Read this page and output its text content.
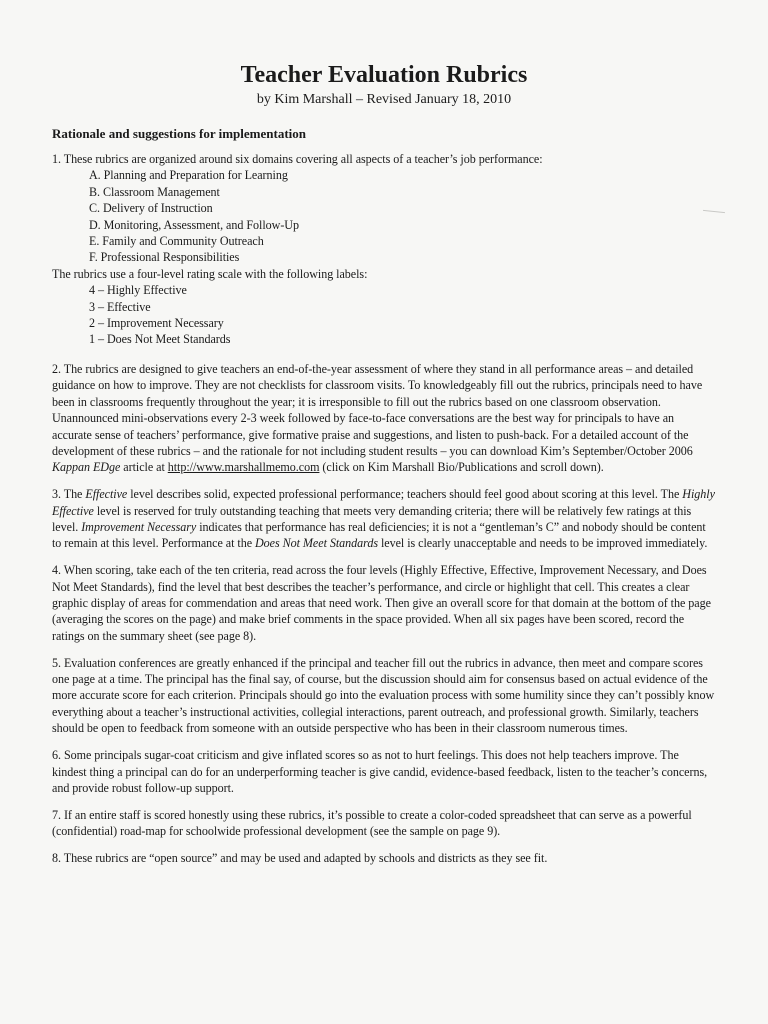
Teacher Evaluation Rubrics
by Kim Marshall – Revised January 18, 2010
Rationale and suggestions for implementation
1. These rubrics are organized around six domains covering all aspects of a teacher’s job performance:
A. Planning and Preparation for Learning
B. Classroom Management
C. Delivery of Instruction
D. Monitoring, Assessment, and Follow-Up
E. Family and Community Outreach
F. Professional Responsibilities
The rubrics use a four-level rating scale with the following labels:
4 – Highly Effective
3 – Effective
2 – Improvement Necessary
1 – Does Not Meet Standards

2. The rubrics are designed to give teachers an end-of-the-year assessment of where they stand in all performance areas – and detailed guidance on how to improve. They are not checklists for classroom visits. To knowledgeably fill out the rubrics, principals need to have been in classrooms frequently throughout the year; it is irresponsible to fill out the rubrics based on one classroom observation. Unannounced mini-observations every 2-3 week followed by face-to-face conversations are the best way for principals to have an accurate sense of teachers’ performance, give formative praise and suggestions, and listen to push-back. For a detailed account of the development of these rubrics – and the rationale for not including student results – you can download Kim’s September/October 2006 Kappan EDge article at http://www.marshallmemo.com (click on Kim Marshall Bio/Publications and scroll down).

3. The Effective level describes solid, expected professional performance; teachers should feel good about scoring at this level. The Highly Effective level is reserved for truly outstanding teaching that meets very demanding criteria; there will be relatively few ratings at this level. Improvement Necessary indicates that performance has real deficiencies; it is not a “gentleman’s C” and nobody should be content to remain at this level. Performance at the Does Not Meet Standards level is clearly unacceptable and needs to be improved immediately.

4. When scoring, take each of the ten criteria, read across the four levels (Highly Effective, Effective, Improvement Necessary, and Does Not Meet Standards), find the level that best describes the teacher’s performance, and circle or highlight that cell. This creates a clear graphic display of areas for commendation and areas that need work. Then give an overall score for that domain at the bottom of the page (averaging the scores on the page) and make brief comments in the space provided. When all six pages have been scored, record the ratings on the summary sheet (see page 8).

5. Evaluation conferences are greatly enhanced if the principal and teacher fill out the rubrics in advance, then meet and compare scores one page at a time. The principal has the final say, of course, but the discussion should aim for consensus based on actual evidence of the more accurate score for each criterion. Principals should go into the evaluation process with some humility since they can’t possibly know everything about a teacher’s instructional activities, collegial interactions, parent outreach, and professional growth. Similarly, teachers should be open to feedback from someone with an outside perspective who has been in their classroom numerous times.

6. Some principals sugar-coat criticism and give inflated scores so as not to hurt feelings. This does not help teachers improve. The kindest thing a principal can do for an underperforming teacher is give candid, evidence-based feedback, listen to the teacher’s concerns, and provide robust follow-up support.

7. If an entire staff is scored honestly using these rubrics, it’s possible to create a color-coded spreadsheet that can serve as a powerful (confidential) road-map for schoolwide professional development (see the sample on page 9).

8. These rubrics are “open source” and may be used and adapted by schools and districts as they see fit.
